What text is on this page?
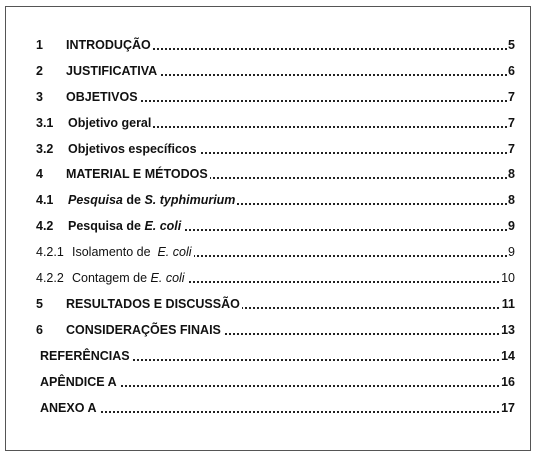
1 INTRODUÇÃO	5
2 JUSTIFICATIVA	6
3 OBJETIVOS	7
3.1 Objetivo geral	7
3.2 Objetivos específicos	7
4 MATERIAL E MÉTODOS	8
4.1 Pesquisa de S. typhimurium	8
4.2 Pesquisa de E. coli	9
4.2.1 Isolamento de  E. coli	9
4.2.2 Contagem de E. coli	10
5 RESULTADOS E DISCUSSÃO	11
6 CONSIDERAÇÕES FINAIS	13
REFERÊNCIAS	14
APÊNDICE A	16
ANEXO A	17
